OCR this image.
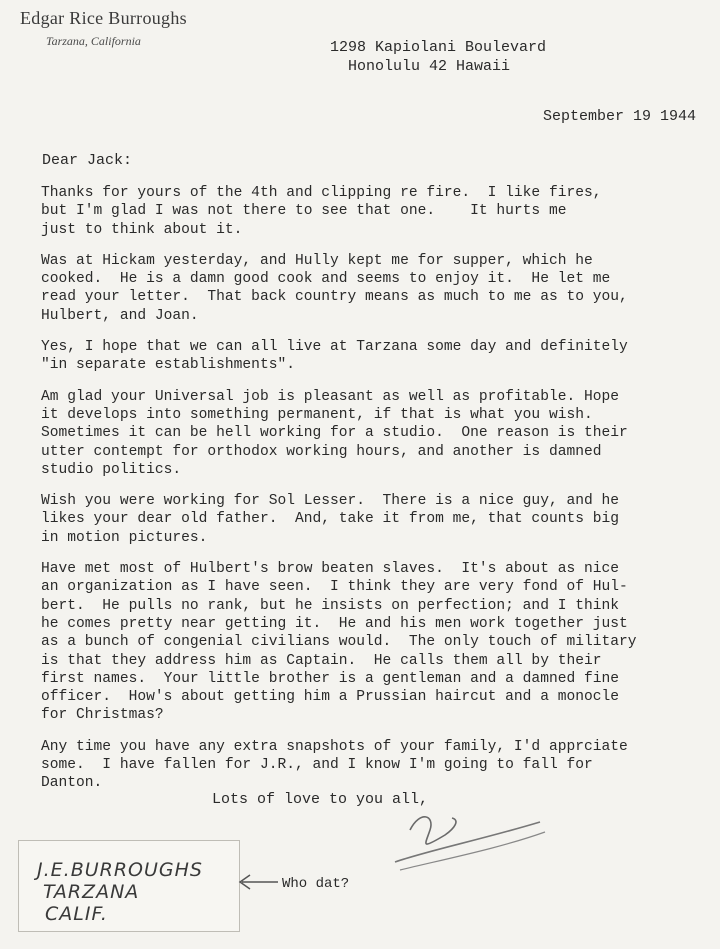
Edgar Rice Burroughs
Tarzana, California	1298 Kapiolani Boulevard
Honolulu 42 Hawaii
September 19 1944
Dear Jack:
Thanks for yours of the 4th and clipping re fire.  I like fires,
but I'm glad I was not there to see that one.    It hurts me
just to think about it.
Was at Hickam yesterday, and Hully kept me for supper, which he
cooked.  He is a damn good cook and seems to enjoy it.  He let me
read your letter.  That back country means as much to me as to you,
Hulbert, and Joan.
Yes, I hope that we can all live at Tarzana some day and definitely
"in separate establishments".
Am glad your Universal job is pleasant as well as profitable. Hope
it develops into something permanent, if that is what you wish.
Sometimes it can be hell working for a studio.  One reason is their
utter contempt for orthodox working hours, and another is damned
studio politics.
Wish you were working for Sol Lesser.  There is a nice guy, and he
likes your dear old father.  And, take it from me, that counts big
in motion pictures.
Have met most of Hulbert's brow beaten slaves.  It's about as nice
an organization as I have seen.  I think they are very fond of Hul-
bert.  He pulls no rank, but he insists on perfection; and I think
he comes pretty near getting it.  He and his men work together just
as a bunch of congenial civilians would.  The only touch of military
is that they address him as Captain.  He calls them all by their
first names.  Your little brother is a gentleman and a damned fine
officer.  How's about getting him a Prussian haircut and a monocle
for Christmas?
Any time you have any extra snapshots of your family, I'd apprciate
some.  I have fallen for J.R., and I know I'm going to fall for
Danton.
Lots of love to you all,
J.E.BURROUGHS
TARZANA
CALIF.
Who dat?
